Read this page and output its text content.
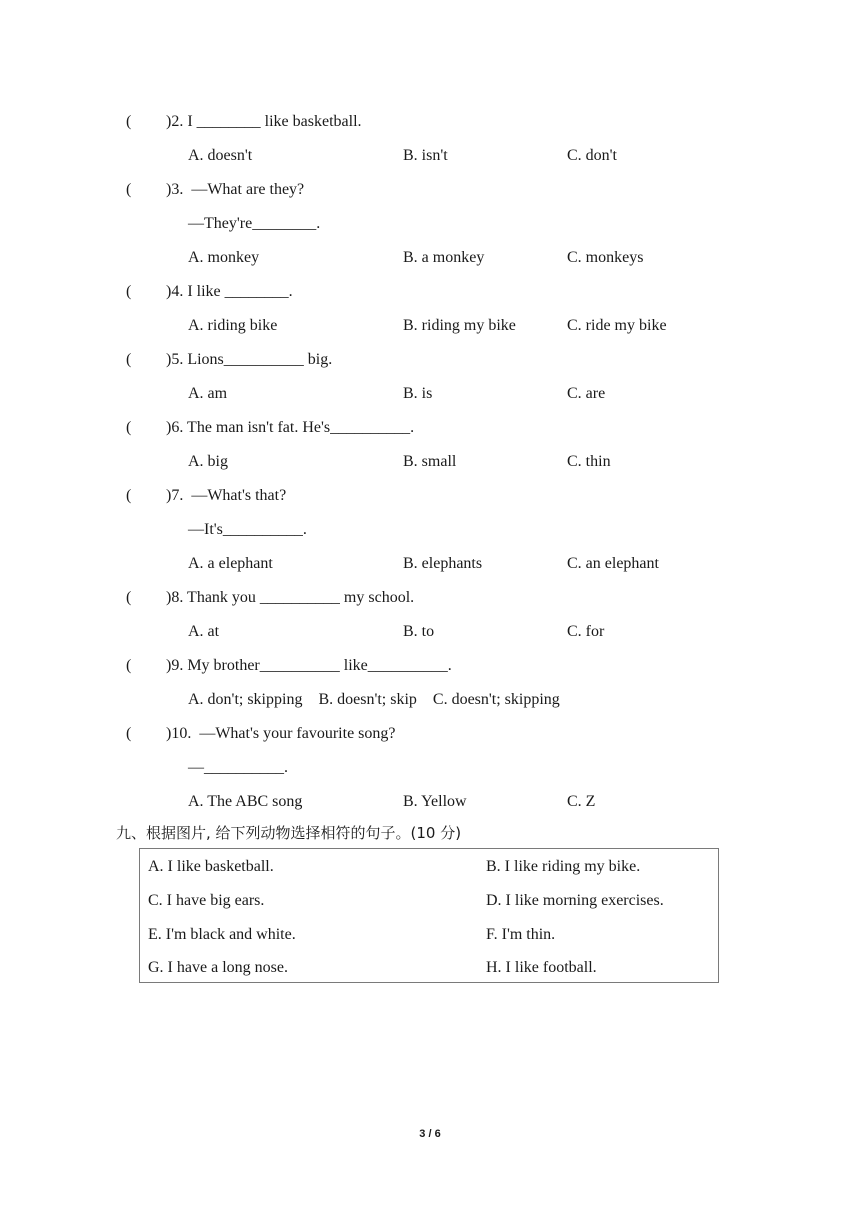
( )2. I ________ like basketball.
A. doesn't	B. isn't	C. don't
( )3.  —What are they?
—They're________.
A. monkey	B. a monkey	C. monkeys
( )4. I like ________.
A. riding bike	B. riding my bike	C. ride my bike
( )5. Lions__________ big.
A. am	B. is	C. are
( )6. The man isn't fat. He's__________.
A. big	B. small	C. thin
( )7.  —What's that?
—It's__________.
A. a elephant	B. elephants	C. an elephant
( )8. Thank you __________ my school.
A. at	B. to	C. for
( )9. My brother__________ like__________.
A. don't; skipping    B. doesn't; skip    C. doesn't; skipping
( )10.  —What's your favourite song?
—__________.
A. The ABC song	B. Yellow	C. Z
九、根据图片, 给下列动物选择相符的句子。(10 分)
A. I like basketball.	B. I like riding my bike.
C. I have big ears.	D. I like morning exercises.
E. I'm black and white.	F. I'm thin.
G. I have a long nose.	H. I like football.
3 / 6
